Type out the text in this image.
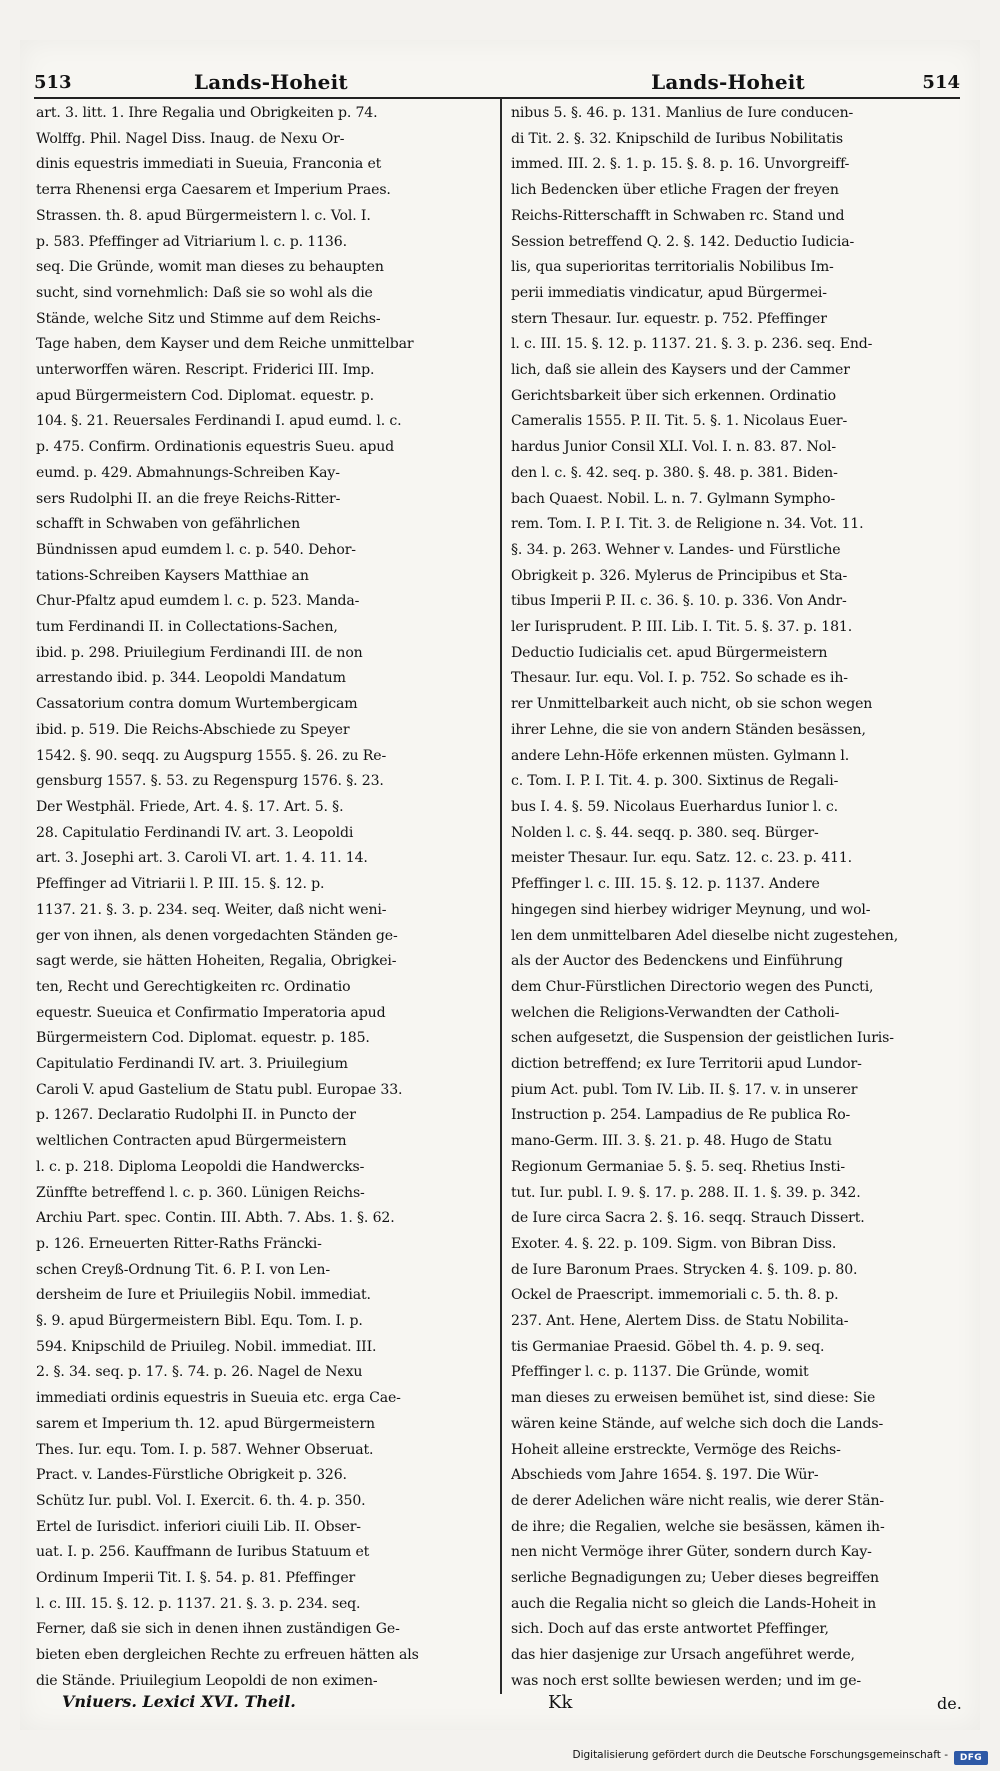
513	Lands-Hoheit	Lands-Hoheit	514
art. 3. litt. 1. Ihre Regalia und Obrigkeiten p. 74.
Wolffg. Phil. Nagel Diss. Inaug. de Nexu Or-
dinis equestris immediati in Sueuia, Franconia et
terra Rhenensi erga Caesarem et Imperium Praes.
Strassen. th. 8. apud Bürgermeistern l. c. Vol. I.
p. 583. Pfeffinger ad Vitriarium l. c. p. 1136.
seq. Die Gründe, womit man dieses zu behaupten
sucht, sind vornehmlich: Daß sie so wohl als die
Stände, welche Sitz und Stimme auf dem Reichs-
Tage haben, dem Kayser und dem Reiche unmittelbar
unterworffen wären. Rescript. Friderici III. Imp.
apud Bürgermeistern Cod. Diplomat. equestr. p.
104. §. 21. Reuersales Ferdinandi I. apud eumd. l. c.
p. 475. Confirm. Ordinationis equestris Sueu. apud
eumd. p. 429. Abmahnungs-Schreiben Kay-
sers Rudolphi II. an die freye Reichs-Ritter-
schafft in Schwaben von gefährlichen
Bündnissen apud eumdem l. c. p. 540. Dehor-
tations-Schreiben Kaysers Matthiae an
Chur-Pfaltz apud eumdem l. c. p. 523. Manda-
tum Ferdinandi II. in Collectations-Sachen,
ibid. p. 298. Priuilegium Ferdinandi III. de non
arrestando ibid. p. 344. Leopoldi Mandatum
Cassatorium contra domum Wurtembergicam
ibid. p. 519. Die Reichs-Abschiede zu Speyer
1542. §. 90. seqq. zu Augspurg 1555. §. 26. zu Re-
gensburg 1557. §. 53. zu Regenspurg 1576. §. 23.
Der Westphäl. Friede, Art. 4. §. 17. Art. 5. §.
28. Capitulatio Ferdinandi IV. art. 3. Leopoldi
art. 3. Josephi art. 3. Caroli VI. art. 1. 4. 11. 14.
Pfeffinger ad Vitriarii l. P. III. 15. §. 12. p.
1137. 21. §. 3. p. 234. seq. Weiter, daß nicht weni-
ger von ihnen, als denen vorgedachten Ständen ge-
sagt werde, sie hätten Hoheiten, Regalia, Obrigkei-
ten, Recht und Gerechtigkeiten rc. Ordinatio
equestr. Sueuica et Confirmatio Imperatoria apud
Bürgermeistern Cod. Diplomat. equestr. p. 185.
Capitulatio Ferdinandi IV. art. 3. Priuilegium
Caroli V. apud Gastelium de Statu publ. Europae 33.
p. 1267. Declaratio Rudolphi II. in Puncto der
weltlichen Contracten apud Bürgermeistern
l. c. p. 218. Diploma Leopoldi die Handwercks-
Zünffte betreffend l. c. p. 360. Lünigen Reichs-
Archiu Part. spec. Contin. III. Abth. 7. Abs. 1. §. 62.
p. 126. Erneuerten Ritter-Raths Fräncki-
schen Creyß-Ordnung Tit. 6. P. I. von Len-
dersheim de Iure et Priuilegiis Nobil. immediat.
§. 9. apud Bürgermeistern Bibl. Equ. Tom. I. p.
594. Knipschild de Priuileg. Nobil. immediat. III.
2. §. 34. seq. p. 17. §. 74. p. 26. Nagel de Nexu
immediati ordinis equestris in Sueuia etc. erga Cae-
sarem et Imperium th. 12. apud Bürgermeistern
Thes. Iur. equ. Tom. I. p. 587. Wehner Obseruat.
Pract. v. Landes-Fürstliche Obrigkeit p. 326.
Schütz Iur. publ. Vol. I. Exercit. 6. th. 4. p. 350.
Ertel de Iurisdict. inferiori ciuili Lib. II. Obser-
uat. I. p. 256. Kauffmann de Iuribus Statuum et
Ordinum Imperii Tit. I. §. 54. p. 81. Pfeffinger
l. c. III. 15. §. 12. p. 1137. 21. §. 3. p. 234. seq.
Ferner, daß sie sich in denen ihnen zuständigen Ge-
bieten eben dergleichen Rechte zu erfreuen hätten als
die Stände. Priuilegium Leopoldi de non eximen-
nibus 5. §. 46. p. 131. Manlius de Iure conducen-
di Tit. 2. §. 32. Knipschild de Iuribus Nobilitatis
immed. III. 2. §. 1. p. 15. §. 8. p. 16. Unvorgreiff-
lich Bedencken über etliche Fragen der freyen
Reichs-Ritterschafft in Schwaben rc. Stand und
Session betreffend Q. 2. §. 142. Deductio Iudicia-
lis, qua superioritas territorialis Nobilibus Im-
perii immediatis vindicatur, apud Bürgermei-
stern Thesaur. Iur. equestr. p. 752. Pfeffinger
l. c. III. 15. §. 12. p. 1137. 21. §. 3. p. 236. seq. End-
lich, daß sie allein des Kaysers und der Cammer
Gerichtsbarkeit über sich erkennen. Ordinatio
Cameralis 1555. P. II. Tit. 5. §. 1. Nicolaus Euer-
hardus Junior Consil XLI. Vol. I. n. 83. 87. Nol-
den l. c. §. 42. seq. p. 380. §. 48. p. 381. Biden-
bach Quaest. Nobil. L. n. 7. Gylmann Sympho-
rem. Tom. I. P. I. Tit. 3. de Religione n. 34. Vot. 11.
§. 34. p. 263. Wehner v. Landes- und Fürstliche
Obrigkeit p. 326. Mylerus de Principibus et Sta-
tibus Imperii P. II. c. 36. §. 10. p. 336. Von Andr-
ler Iurisprudent. P. III. Lib. I. Tit. 5. §. 37. p. 181.
Deductio Iudicialis cet. apud Bürgermeistern
Thesaur. Iur. equ. Vol. I. p. 752. So schade es ih-
rer Unmittelbarkeit auch nicht, ob sie schon wegen
ihrer Lehne, die sie von andern Ständen besässen,
andere Lehn-Höfe erkennen müsten. Gylmann l.
c. Tom. I. P. I. Tit. 4. p. 300. Sixtinus de Regali-
bus I. 4. §. 59. Nicolaus Euerhardus Iunior l. c.
Nolden l. c. §. 44. seqq. p. 380. seq. Bürger-
meister Thesaur. Iur. equ. Satz. 12. c. 23. p. 411.
Pfeffinger l. c. III. 15. §. 12. p. 1137. Andere
hingegen sind hierbey widriger Meynung, und wol-
len dem unmittelbaren Adel dieselbe nicht zugestehen,
als der Auctor des Bedenckens und Einführung
dem Chur-Fürstlichen Directorio wegen des Puncti,
welchen die Religions-Verwandten der Catholi-
schen aufgesetzt, die Suspension der geistlichen Iuris-
diction betreffend; ex Iure Territorii apud Lundor-
pium Act. publ. Tom IV. Lib. II. §. 17. v. in unserer
Instruction p. 254. Lampadius de Re publica Ro-
mano-Germ. III. 3. §. 21. p. 48. Hugo de Statu
Regionum Germaniae 5. §. 5. seq. Rhetius Insti-
tut. Iur. publ. I. 9. §. 17. p. 288. II. 1. §. 39. p. 342.
de Iure circa Sacra 2. §. 16. seqq. Strauch Dissert.
Exoter. 4. §. 22. p. 109. Sigm. von Bibran Diss.
de Iure Baronum Praes. Strycken 4. §. 109. p. 80.
Ockel de Praescript. immemoriali c. 5. th. 8. p.
237. Ant. Hene, Alertem Diss. de Statu Nobilita-
tis Germaniae Praesid. Göbel th. 4. p. 9. seq.
Pfeffinger l. c. p. 1137. Die Gründe, womit
man dieses zu erweisen bemühet ist, sind diese: Sie
wären keine Stände, auf welche sich doch die Lands-
Hoheit alleine erstreckte, Vermöge des Reichs-
Abschieds vom Jahre 1654. §. 197. Die Wür-
de derer Adelichen wäre nicht realis, wie derer Stän-
de ihre; die Regalien, welche sie besässen, kämen ih-
nen nicht Vermöge ihrer Güter, sondern durch Kay-
serliche Begnadigungen zu; Ueber dieses begreiffen
auch die Regalia nicht so gleich die Lands-Hoheit in
sich. Doch auf das erste antwortet Pfeffinger,
das hier dasjenige zur Ursach angeführet werde,
was noch erst sollte bewiesen werden; und im ge-
Vniuers. Lexici XVI. Theil.	Kk	de.
Digitalisierung gefördert durch die Deutsche Forschungsgemeinschaft -	DFG
